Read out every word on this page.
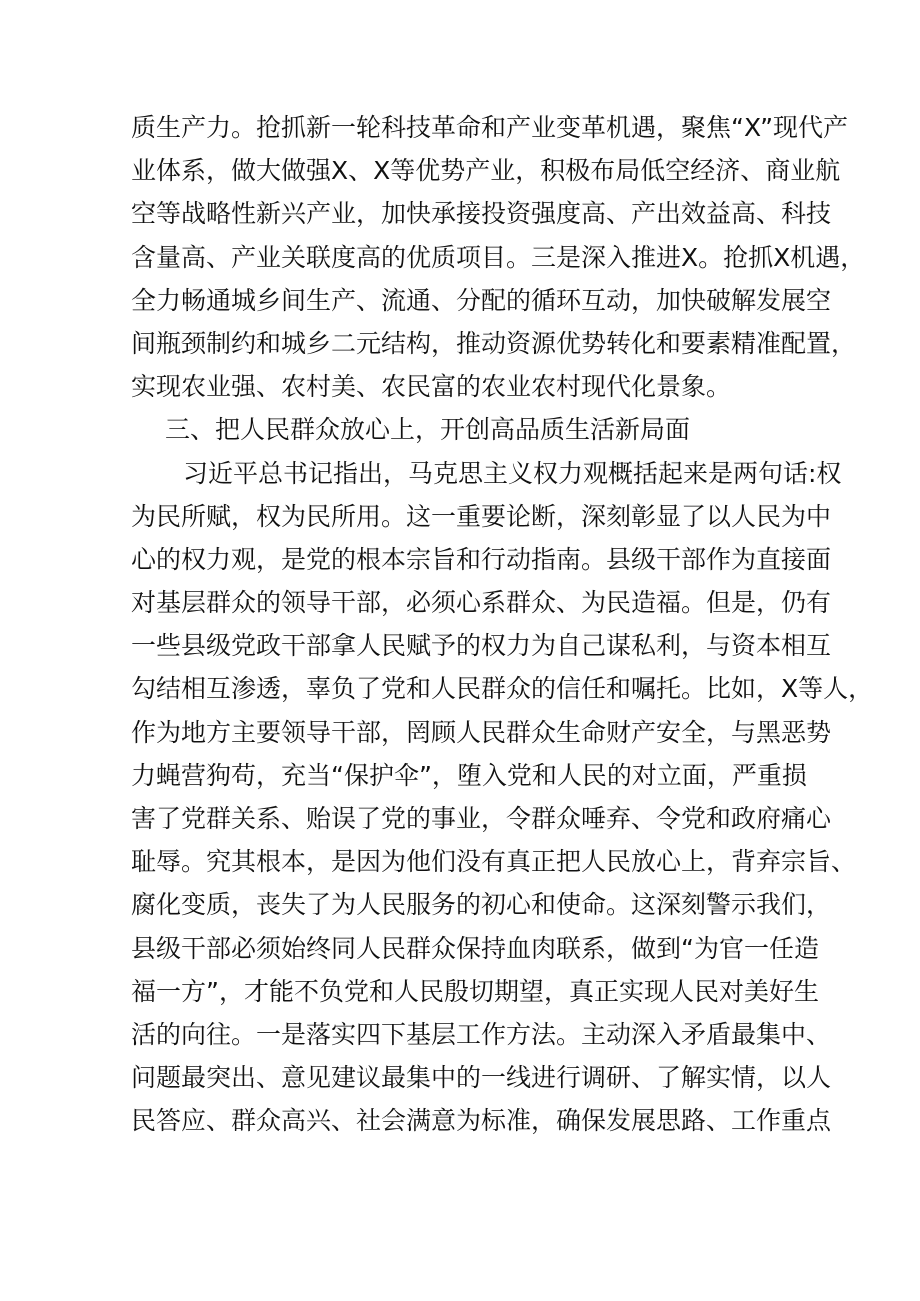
质生产力。抢抓新一轮科技革命和产业变革机遇，聚焦“X”现代产
业体系，做大做强X、X等优势产业，积极布局低空经济、商业航
空等战略性新兴产业，加快承接投资强度高、产出效益高、科技
含量高、产业关联度高的优质项目。三是深入推进X。抢抓X机遇，
全力畅通城乡间生产、流通、分配的循环互动，加快破解发展空
间瓶颈制约和城乡二元结构，推动资源优势转化和要素精准配置，
实现农业强、农村美、农民富的农业农村现代化景象。
三、把人民群众放心上，开创高品质生活新局面
习近平总书记指出，马克思主义权力观概括起来是两句话:权
为民所赋，权为民所用。这一重要论断，深刻彰显了以人民为中
心的权力观，是党的根本宗旨和行动指南。县级干部作为直接面
对基层群众的领导干部，必须心系群众、为民造福。但是，仍有
一些县级党政干部拿人民赋予的权力为自己谋私利，与资本相互
勾结相互渗透，辜负了党和人民群众的信任和嘱托。比如，X等人，
作为地方主要领导干部，罔顾人民群众生命财产安全，与黑恶势
力蝇营狗苟，充当“保护伞”，堕入党和人民的对立面，严重损
害了党群关系、贻误了党的事业，令群众唾弃、令党和政府痛心
耻辱。究其根本，是因为他们没有真正把人民放心上，背弃宗旨、
腐化变质，丧失了为人民服务的初心和使命。这深刻警示我们，
县级干部必须始终同人民群众保持血肉联系，做到“为官一任造
福一方”，才能不负党和人民殷切期望，真正实现人民对美好生
活的向往。一是落实四下基层工作方法。主动深入矛盾最集中、
问题最突出、意见建议最集中的一线进行调研、了解实情，以人
民答应、群众高兴、社会满意为标准，确保发展思路、工作重点
